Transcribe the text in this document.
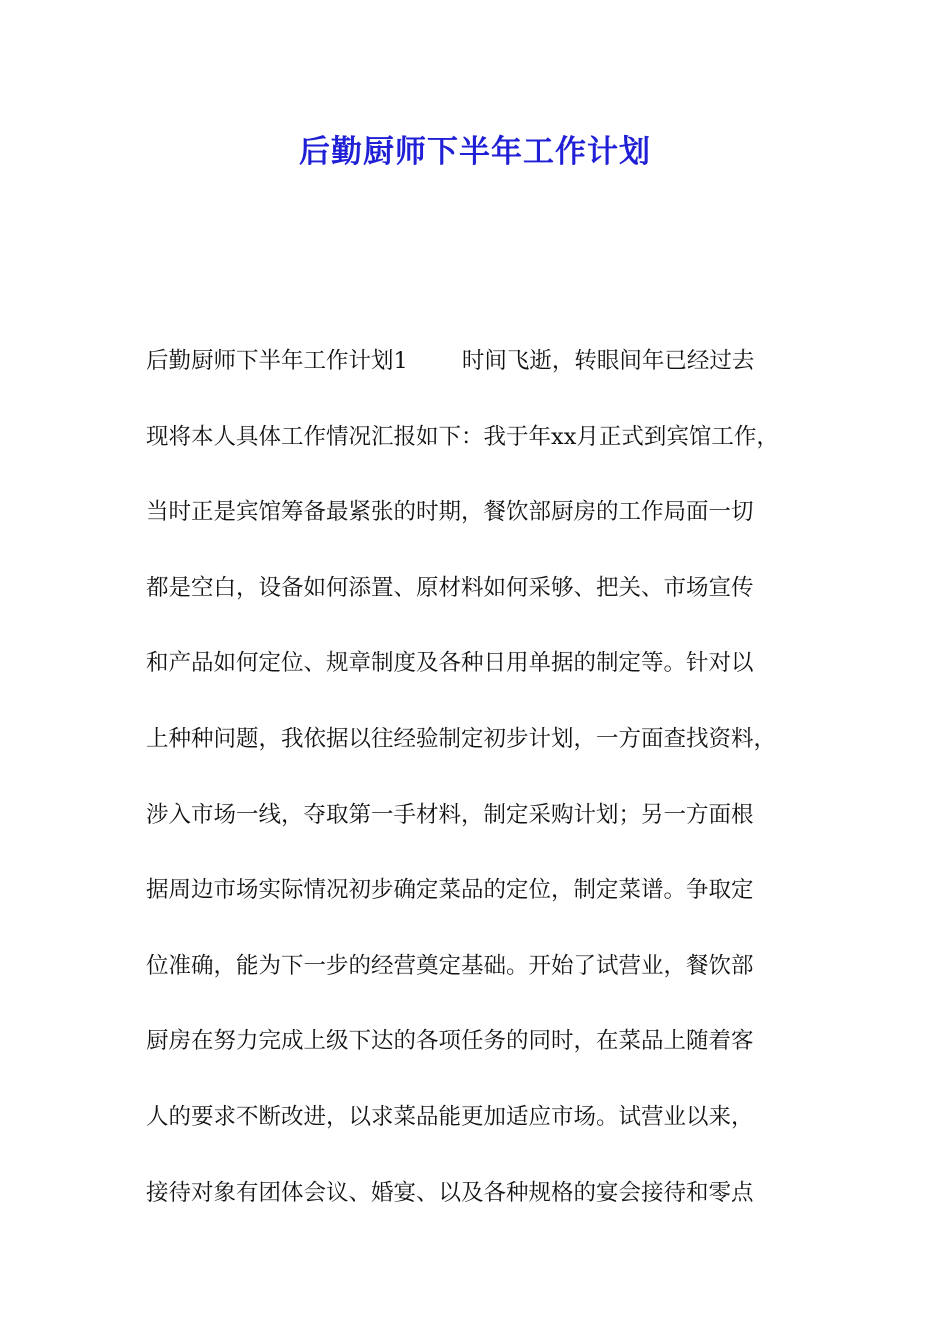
后勤厨师下半年工作计划
后勤厨师下半年工作计划1 时间飞逝，转眼间年已经过去
现将本人具体工作情况汇报如下：我于年xx月正式到宾馆工作，
当时正是宾馆筹备最紧张的时期，餐饮部厨房的工作局面一切
都是空白，设备如何添置、原材料如何采够、把关、市场宣传
和产品如何定位、规章制度及各种日用单据的制定等。针对以
上种种问题，我依据以往经验制定初步计划，一方面查找资料，
涉入市场一线，夺取第一手材料，制定采购计划；另一方面根
据周边市场实际情况初步确定菜品的定位，制定菜谱。争取定
位准确，能为下一步的经营奠定基础。开始了试营业，餐饮部
厨房在努力完成上级下达的各项任务的同时，在菜品上随着客
人的要求不断改进，以求菜品能更加适应市场。试营业以来，
接待对象有团体会议、婚宴、以及各种规格的宴会接待和零点
